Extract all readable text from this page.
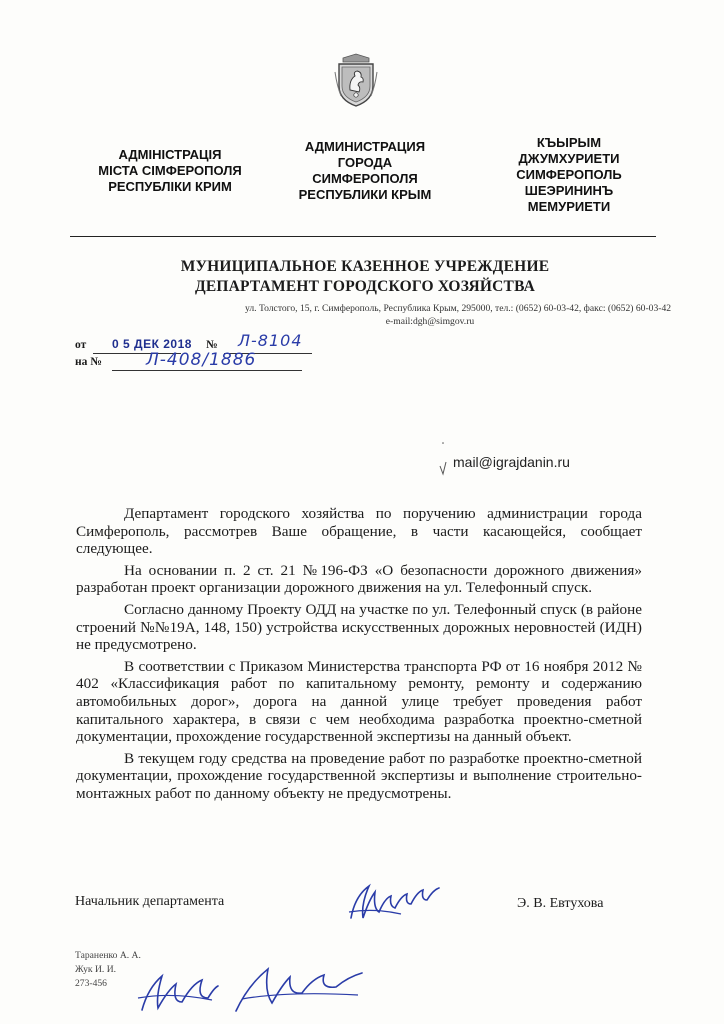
АДМІНІСТРАЦІЯ
МІСТА СІМФЕРОПОЛЯ
РЕСПУБЛІКИ КРИМ
АДМИНИСТРАЦИЯ
ГОРОДА
СИМФЕРОПОЛЯ
РЕСПУБЛИКИ КРЫМ
КЪЫРЫМ
ДЖУМХУРИЕТИ
СИМФЕРОПОЛЬ
ШЕЭРИНИНЪ
МЕМУРИЕТИ
МУНИЦИПАЛЬНОЕ КАЗЕННОЕ УЧРЕЖДЕНИЕ
ДЕПАРТАМЕНТ ГОРОДСКОГО ХОЗЯЙСТВА
ул. Толстого, 15, г. Симферополь, Республика Крым, 295000, тел.: (0652) 60-03-42, факс: (0652) 60-03-42
e-mail:dgh@simgov.ru
от 0 5 ДЕК 2018 № Л-8104
на №	Л-408/1886
mail@igrajdanin.ru

Департамент городского хозяйства по поручению администрации города Симферополь, рассмотрев Ваше обращение, в части касающейся, сообщает следующее.

На основании п. 2 ст. 21 №196-ФЗ «О безопасности дорожного движения» разработан проект организации дорожного движения на ул. Телефонный спуск.

Согласно данному Проекту ОДД на участке по ул. Телефонный спуск (в районе строений №№19А, 148, 150) устройства искусственных дорожных неровностей (ИДН) не предусмотрено.

В соответствии с Приказом Министерства транспорта РФ от 16 ноября 2012 № 402 «Классификация работ по капитальному ремонту, ремонту и содержанию автомобильных дорог», дорога на данной улице требует проведения работ капитального характера, в связи с чем необходима разработка проектно-сметной документации, прохождение государственной экспертизы на данный объект.

В текущем году средства на проведение работ по разработке проектно-сметной документации, прохождение государственной экспертизы и выполнение строительно-монтажных работ по данному объекту не предусмотрены.

Начальник департамента	Э. В. Евтухова
Тараненко А. А.
Жук И. И.
273-456
